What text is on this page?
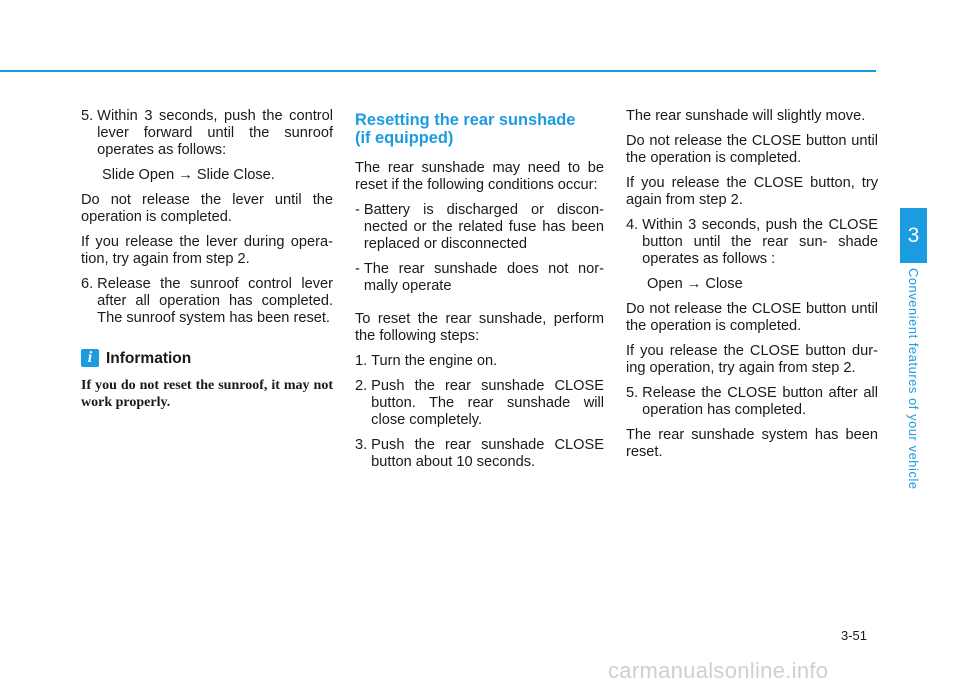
5. Within 3 seconds, push the control lever forward until the sunroof operates as follows:

Slide Open → Slide Close.

Do not release the lever until the operation is completed.

If you release the lever during opera- tion, try again from step 2.

6. Release the sunroof control lever after all operation has completed. The sunroof system has been reset.
i Information
If you do not reset the sunroof, it may not work properly.
Resetting the rear sunshade
(if equipped)

The rear sunshade may need to be reset if the following conditions occur:

- Battery is discharged or discon- nected or the related fuse has been replaced or disconnected
- The rear sunshade does not nor- mally operate

To reset the rear sunshade, perform the following steps:

1. Turn the engine on.
2. Push the rear sunshade CLOSE button. The rear sunshade will close completely.
3. Push the rear sunshade CLOSE button about 10 seconds.

The rear sunshade will slightly move.

Do not release the CLOSE button until the operation is completed.

If you release the CLOSE button, try again from step 2.

4. Within 3 seconds, push the CLOSE button until the rear sun- shade operates as follows :

Open → Close

Do not release the CLOSE button until the operation is completed.

If you release the CLOSE button dur- ing operation, try again from step 2.

5. Release the CLOSE button after all operation has completed.

The rear sunshade system has been reset.

3
Convenient features of your vehicle
3-51
carmanualsonline.info
